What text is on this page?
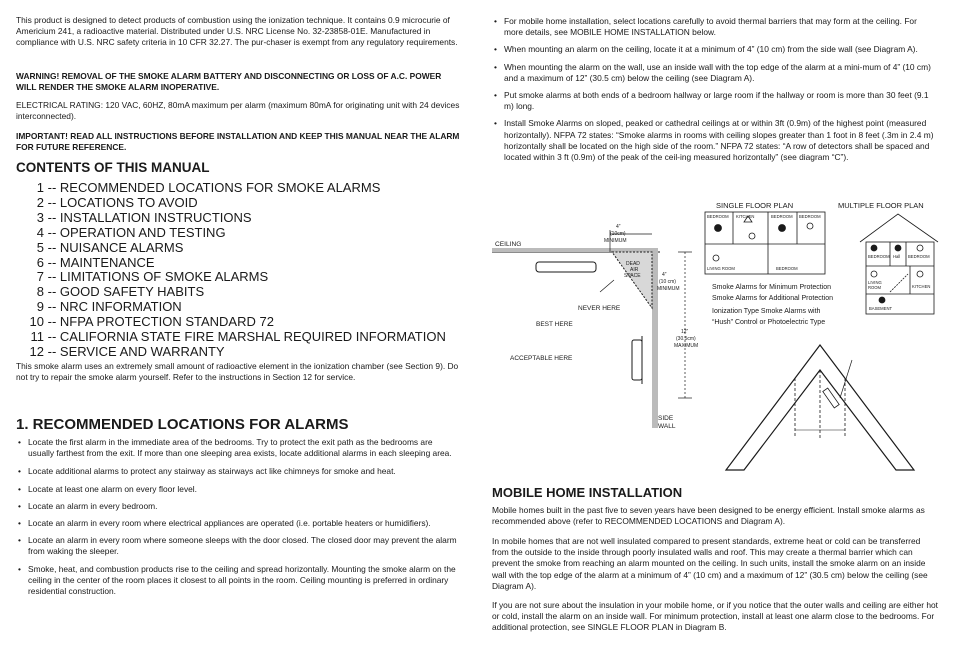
This product is designed to detect products of combustion using the ionization technique. It contains 0.9 microcurie of Americium 241, a radioactive material. Distributed under U.S. NRC License No. 32-23858-01E. Manufactured in compliance with U.S. NRC safety criteria in 10 CFR 32.27. The pur-chaser is exempt from any regulatory requirements.

WARNING! REMOVAL OF THE SMOKE ALARM BATTERY AND DISCONNECTING OR LOSS OF A.C. POWER WILL RENDER THE SMOKE ALARM INOPERATIVE.

ELECTRICAL RATING: 120 VAC, 60HZ, 80mA maximum per alarm (maximum 80mA for originating unit with 24 devices interconnected).

IMPORTANT! READ ALL INSTRUCTIONS BEFORE INSTALLATION AND KEEP THIS MANUAL NEAR THE ALARM FOR FUTURE REFERENCE.

CONTENTS OF THIS MANUAL
1 -- RECOMMENDED LOCATIONS FOR SMOKE ALARMS
2 -- LOCATIONS TO AVOID
3 -- INSTALLATION INSTRUCTIONS
4 -- OPERATION AND TESTING
5 -- NUISANCE ALARMS
6 -- MAINTENANCE
7 -- LIMITATIONS OF SMOKE ALARMS
8 -- GOOD SAFETY HABITS
9 -- NRC INFORMATION
10 -- NFPA PROTECTION STANDARD 72
11 -- CALIFORNIA STATE FIRE MARSHAL REQUIRED INFORMATION
12 -- SERVICE AND WARRANTY

This smoke alarm uses an extremely small amount of radioactive element in the ionization chamber (see Section 9). Do not try to repair the smoke alarm yourself. Refer to the instructions in Section 12 for service.

1. RECOMMENDED LOCATIONS FOR ALARMS
• Locate the first alarm in the immediate area of the bedrooms. Try to protect the exit path as the bedrooms are usually farthest from the exit. If more than one sleeping area exists, locate additional alarms in each sleeping area.
• Locate additional alarms to protect any stairway as stairways act like chimneys for smoke and heat.
• Locate at least one alarm on every floor level.
• Locate an alarm in every bedroom.
• Locate an alarm in every room where electrical appliances are operated (i.e. portable heaters or humidifiers).
• Locate an alarm in every room where someone sleeps with the door closed. The closed door may prevent the alarm from waking the sleeper.
• Smoke, heat, and combustion products rise to the ceiling and spread horizontally. Mounting the smoke alarm on the ceiling in the center of the room places it closest to all points in the room. Ceiling mounting is preferred in ordinary residential construction.
• For mobile home installation, select locations carefully to avoid thermal barriers that may form at the ceiling. For more details, see MOBILE HOME INSTALLATION below.
• When mounting an alarm on the ceiling, locate it at a minimum of 4” (10 cm) from the side wall (see Diagram A).
• When mounting the alarm on the wall, use an inside wall with the top edge of the alarm at a mini-mum of 4” (10 cm) and a maximum of 12” (30.5 cm) below the ceiling (see Diagram A).
• Put smoke alarms at both ends of a bedroom hallway or large room if the hallway or room is more than 30 feet (9.1 m) long.
• Install Smoke Alarms on sloped, peaked or cathedral ceilings at or within 3ft (0.9m) of the highest point (measured horizontally). NFPA 72 states: “Smoke alarms in rooms with ceiling slopes greater than 1 foot in 8 feet (.3m in 2.4 m) horizontally shall be located on the high side of the room.” NFPA 72 states: “A row of detectors shall be spaced and located within 3 ft (0.9m) of the peak of the ceil-ing measured horizontally” (see diagram “C”).
CEILING
4”
(10cm)
MINIMUM
DEAD
AIR
SPACE	4”
(10 cm)
MINIMUM
NEVER HERE
BEST HERE
12”
(30.5cm)
MAXIMUM
ACCEPTABLE HERE
SIDE
WALL
SINGLE FLOOR PLAN
BEDROOM KITCHEN	BEDROOM BEDROOM
LIVING ROOM	BEDROOM
Smoke Alarms for Minimum Protection
Smoke Alarms for Additional Protection
Ionization Type Smoke Alarms with
“Hush” Control or Photoelectric Type
MULTIPLE FLOOR PLAN
BEDROOM Hall BEDROOM
LIVING
ROOM	KITCHEN
BASEMENT
MOBILE HOME INSTALLATION

Mobile homes built in the past five to seven years have been designed to be energy efficient. Install smoke alarms as recommended above (refer to RECOMMENDED LOCATIONS and Diagram A).

In mobile homes that are not well insulated compared to present standards, extreme heat or cold can be transferred from the outside to the inside through poorly insulated walls and roof. This may create a thermal barrier which can prevent the smoke from reaching an alarm mounted on the ceiling. In such units, install the smoke alarm on an inside wall with the top edge of the alarm at a minimum of 4” (10 cm) and a maximum of 12” (30.5 cm) below the ceiling (see Diagram A).

If you are not sure about the insulation in your mobile home, or if you notice that the outer walls and ceiling are either hot or cold, install the alarm on an inside wall. For minimum protection, install at least one alarm close to the bedrooms. For additional protection, see SINGLE FLOOR PLAN in Diagram B.
